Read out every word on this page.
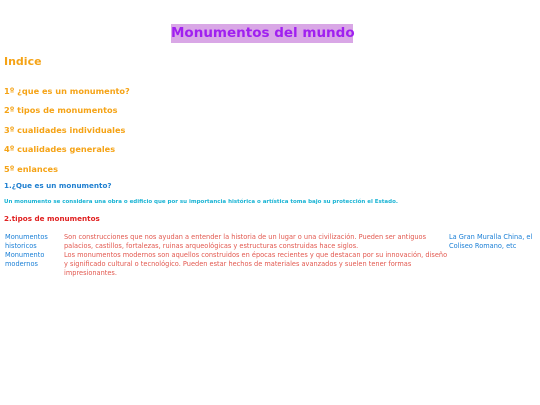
Monumentos del mundo
Indice
1º ¿que es un monumento?
2º tipos de monumentos
3º cualidades individuales
4º cualidades generales
5º enlances
1.¿Que es un monumento?
Un monumento se considera una obra o edificio que por su importancia histórica o artística toma bajo su protección el Estado.
2.tipos de monumentos
Monumentos historicos
Son construcciones que nos ayudan a entender la historia de un lugar o una civilización. Pueden ser antiguos palacios, castillos, fortalezas, ruinas arqueológicas y estructuras construidas hace siglos.
La Gran Muralla China, el Coliseo Romano, etc
Monumento modernos
Los monumentos modernos son aquellos construidos en épocas recientes y que destacan por su innovación, diseño y significado cultural o tecnológico. Pueden estar hechos de materiales avanzados y suelen tener formas impresionantes.
